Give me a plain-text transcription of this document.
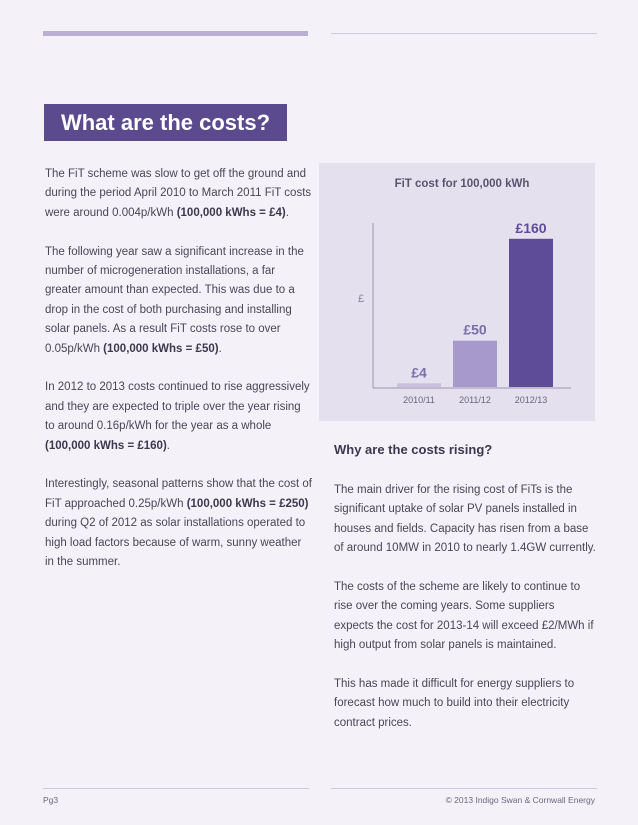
What are the costs?

The FiT scheme was slow to get off the ground and during the period April 2010 to March 2011 FiT costs were around 0.004p/kWh (100,000 kWhs = £4).

The following year saw a significant increase in the number of microgeneration installations, a far greater amount than expected. This was due to a drop in the cost of both purchasing and installing solar panels. As a result FiT costs rose to over 0.05p/kWh (100,000 kWhs = £50).

In 2012 to 2013 costs continued to rise aggressively and they are expected to triple over the year rising to around 0.16p/kWh for the year as a whole (100,000 kWhs = £160).

Interestingly, seasonal patterns show that the cost of FiT approached 0.25p/kWh (100,000 kWhs = £250) during Q2 of 2012 as solar installations operated to high load factors because of warm, sunny weather in the summer.

FiT cost for 100,000 kWh
£
£4
2010/11
£50
2011/12
£160
2012/13
Why are the costs rising?

The main driver for the rising cost of FiTs is the significant uptake of solar PV panels installed in houses and fields. Capacity has risen from a base of around 10MW in 2010 to nearly 1.4GW currently.

The costs of the scheme are likely to continue to rise over the coming years. Some suppliers expects the cost for 2013-14 will exceed £2/MWh if high output from solar panels is maintained.

This has made it difficult for energy suppliers to forecast how much to build into their electricity contract prices.

Pg3	© 2013 Indigo Swan & Cornwall Energy
